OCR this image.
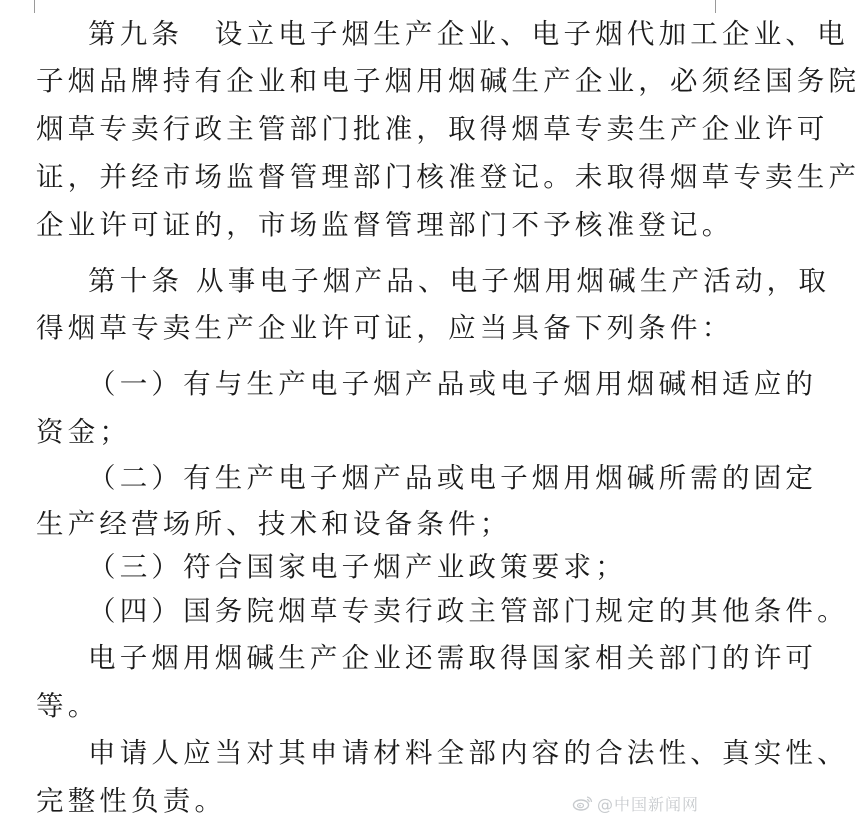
第九条　设立电子烟生产企业、电子烟代加工企业、电
子烟品牌持有企业和电子烟用烟碱生产企业，必须经国务院
烟草专卖行政主管部门批准，取得烟草专卖生产企业许可
证，并经市场监督管理部门核准登记。未取得烟草专卖生产
企业许可证的，市场监督管理部门不予核准登记。
第十条 从事电子烟产品、电子烟用烟碱生产活动，取
得烟草专卖生产企业许可证，应当具备下列条件：
（一）有与生产电子烟产品或电子烟用烟碱相适应的
资金；
（二）有生产电子烟产品或电子烟用烟碱所需的固定
生产经营场所、技术和设备条件；
（三）符合国家电子烟产业政策要求；
（四）国务院烟草专卖行政主管部门规定的其他条件。
电子烟用烟碱生产企业还需取得国家相关部门的许可
等。
申请人应当对其申请材料全部内容的合法性、真实性、
完整性负责。	@中国新闻网
